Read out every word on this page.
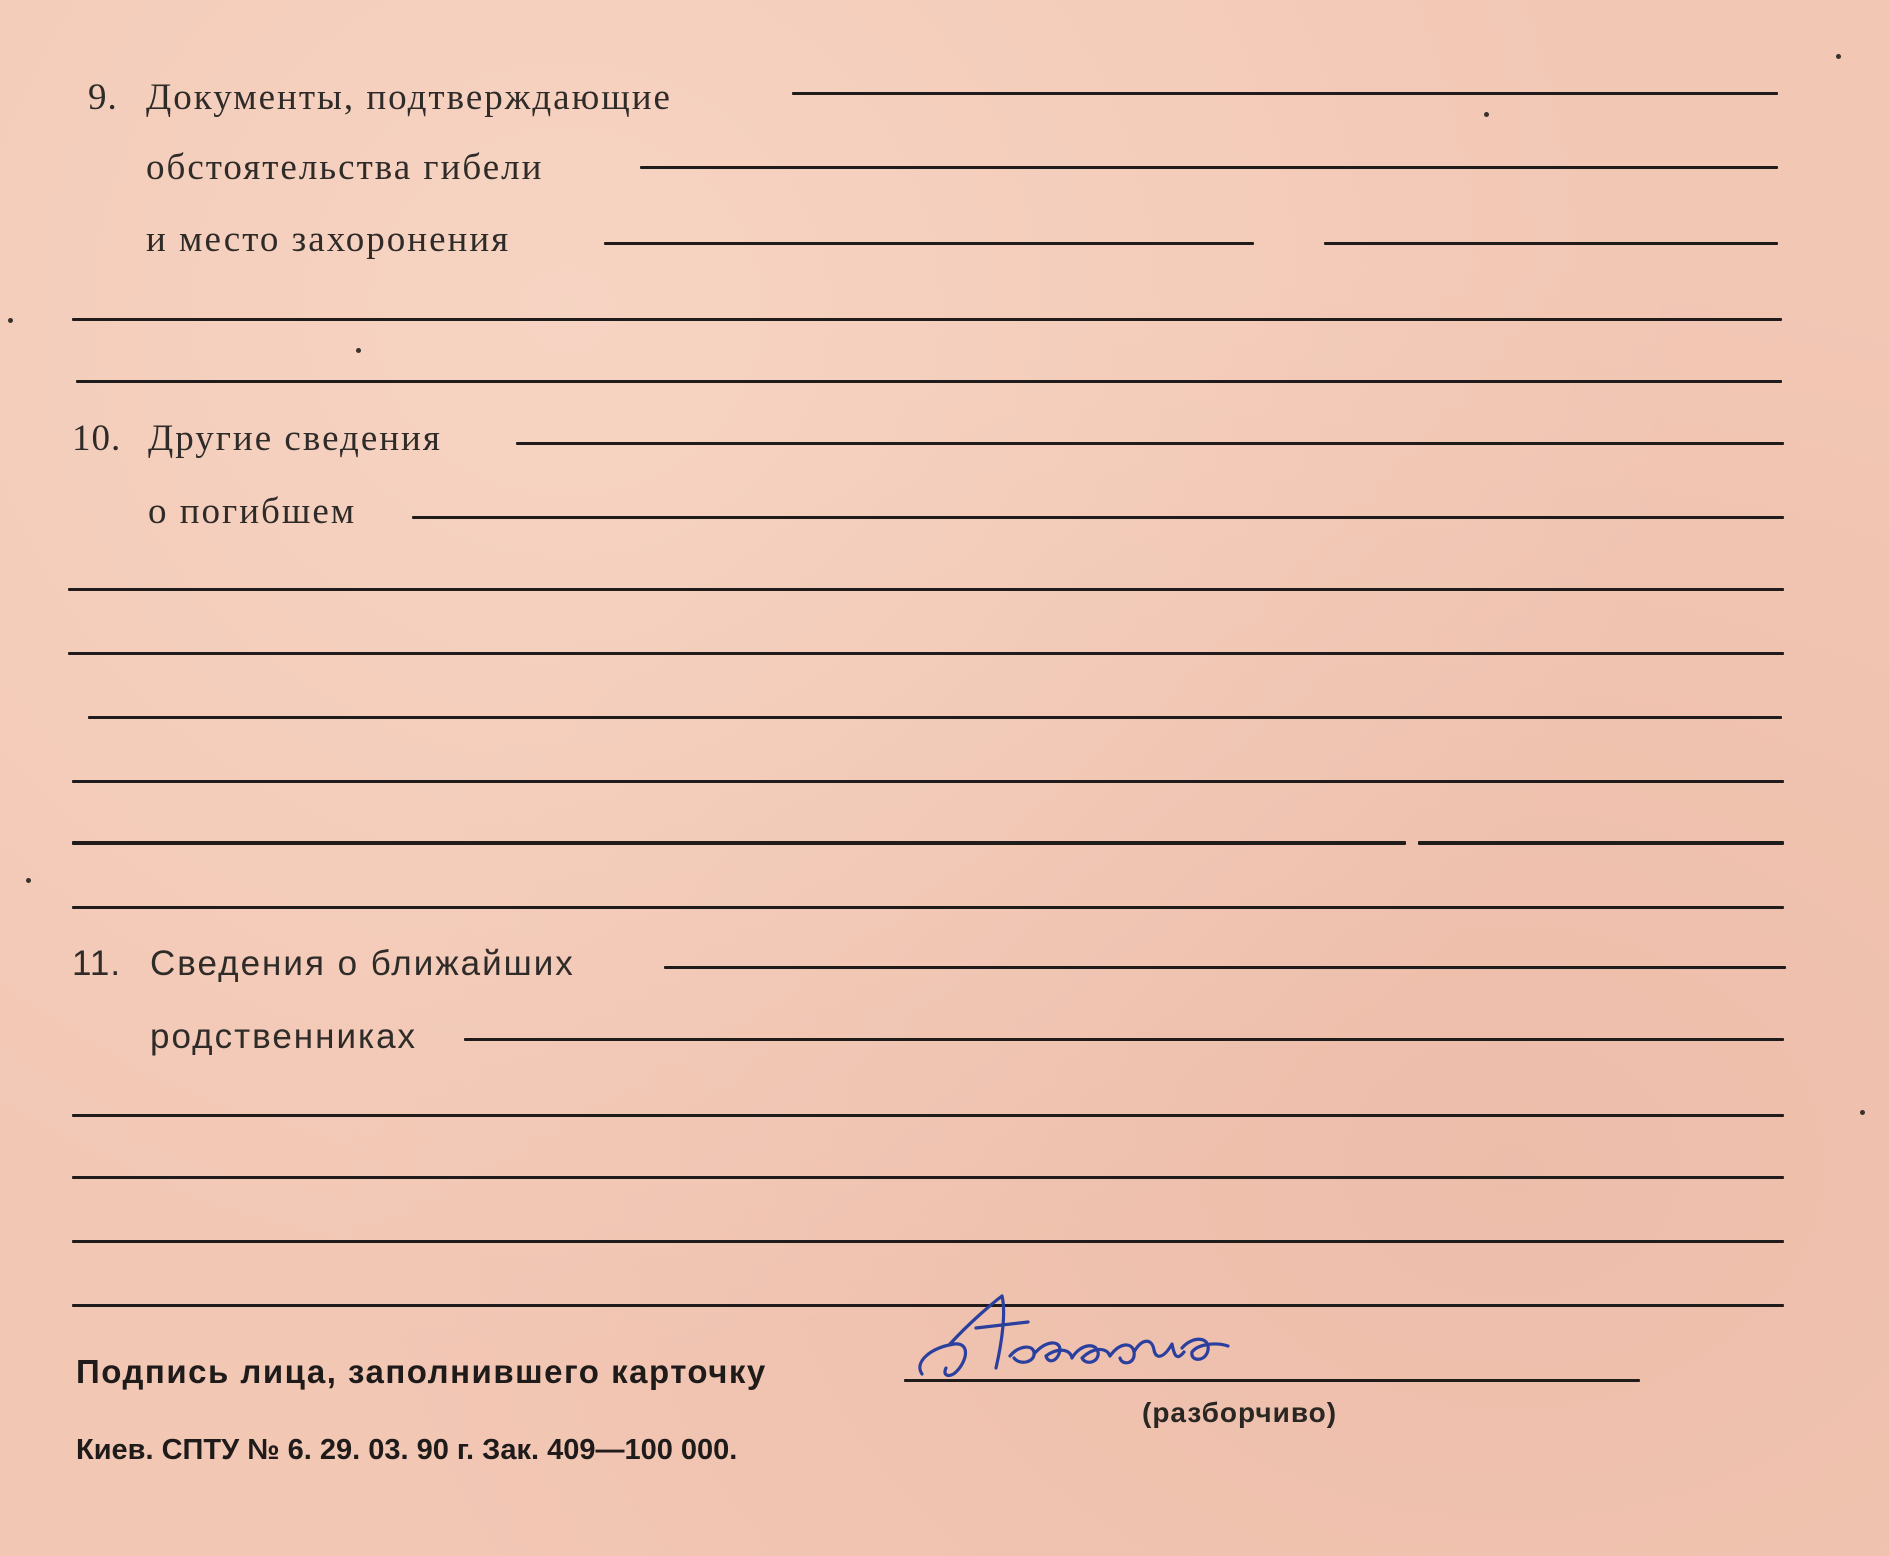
9. Документы, подтверждающие
обстоятельства гибели
и место захоронения
10. Другие сведения
о погибшем
11. Сведения о ближайших
родственниках
Подпись лица, заполнившего карточку
(разборчиво)
Киев. СПТУ № 6. 29. 03. 90 г. Зак. 409—100 000.
